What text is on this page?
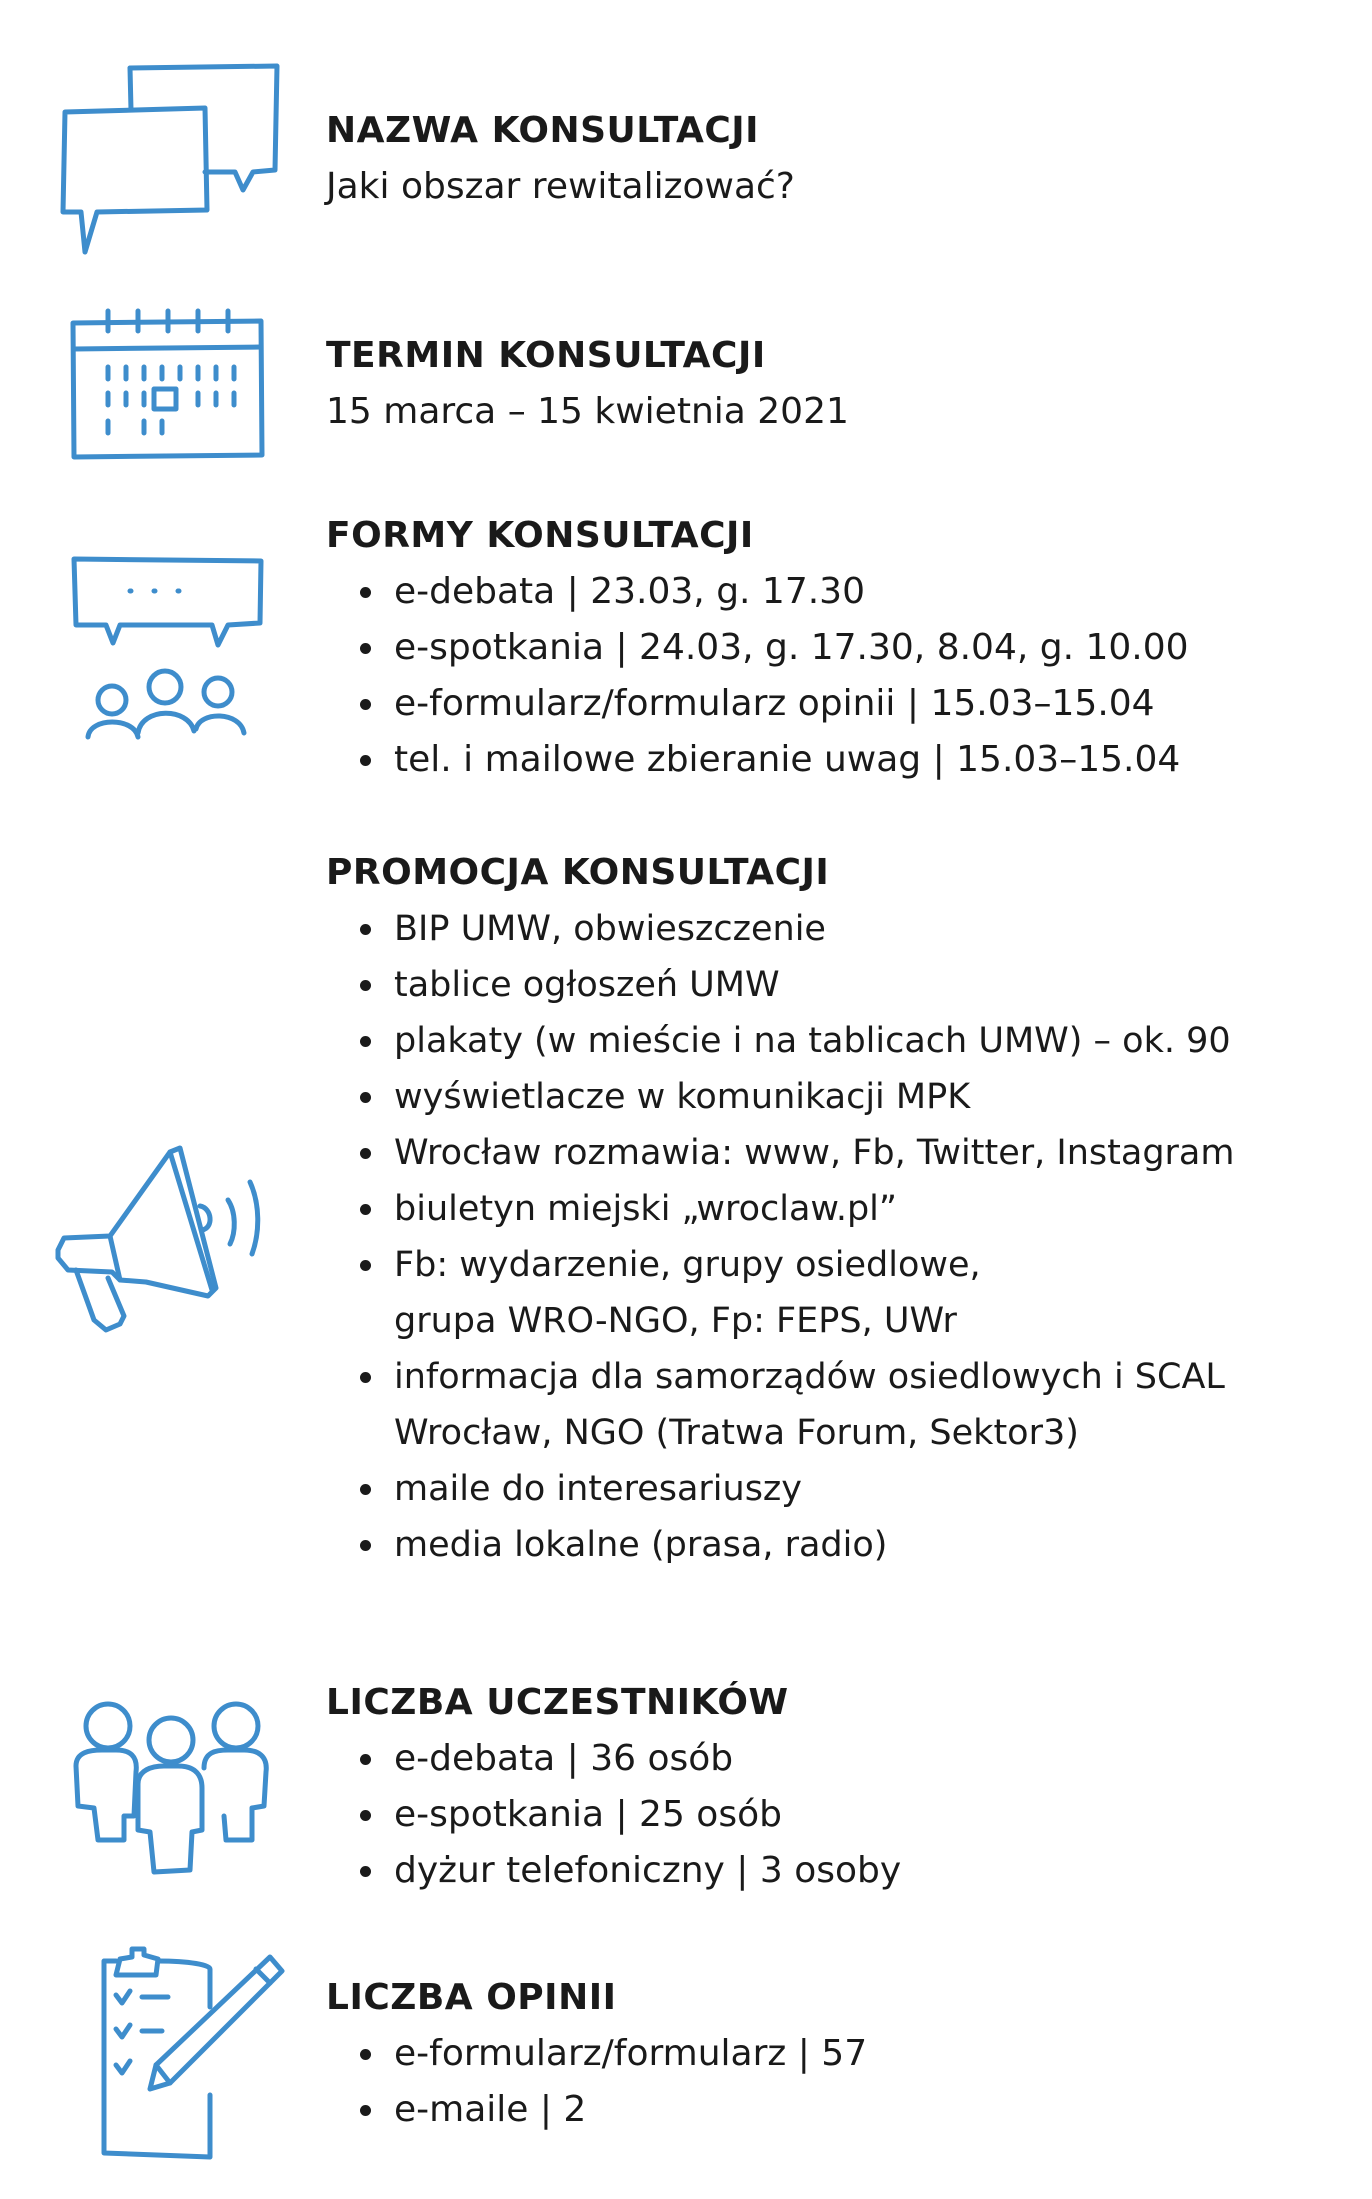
NAZWA KONSULTACJI

Jaki obszar rewitalizować?

TERMIN KONSULTACJI

15 marca – 15 kwietnia 2021

FORMY KONSULTACJI
e-debata | 23.03, g. 17.30
e-spotkania | 24.03, g. 17.30, 8.04, g. 10.00
e-formularz/formularz opinii | 15.03–15.04
tel. i mailowe zbieranie uwag | 15.03–15.04
PROMOCJA KONSULTACJI
BIP UMW, obwieszczenie
tablice ogłoszeń UMW
plakaty (w mieście i na tablicach UMW) – ok. 90
wyświetlacze w komunikacji MPK
Wrocław rozmawia: www, Fb, Twitter, Instagram
biuletyn miejski „wroclaw.pl”
Fb: wydarzenie, grupy osiedlowe, grupa WRO-NGO, Fp: FEPS, UWr
informacja dla samorządów osiedlowych i SCAL Wrocław, NGO (Tratwa Forum, Sektor3)
maile do interesariuszy
media lokalne (prasa, radio)
LICZBA UCZESTNIKÓW
e-debata | 36 osób
e-spotkania | 25 osób
dyżur telefoniczny | 3 osoby
LICZBA OPINII
e-formularz/formularz | 57
e-maile | 2
